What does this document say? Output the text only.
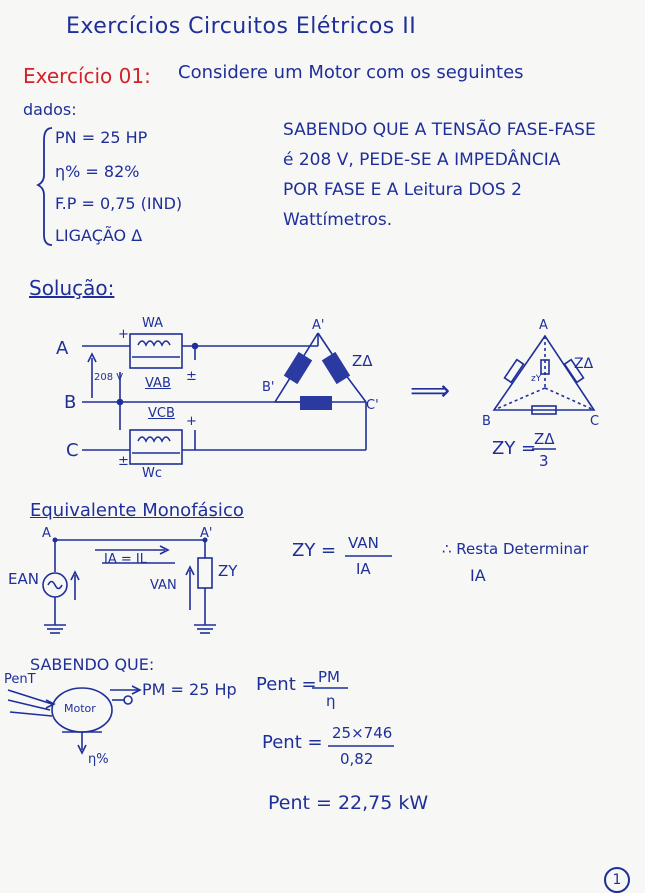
Exercícios Circuitos Elétricos II
Exercício 01: Considere um Motor com os seguintes
dados:
PN = 25 HP
η% = 82%
F.P = 0,75 (IND)
LIGAÇÃO Δ
SABENDO QUE A TENSÃO FASE-FASE
é 208 V, PEDE-SE A IMPEDÂNCIA
POR FASE E A Leitura DOS 2
Wattímetros.
Solução:
A
B
C
WA
Wc
VAB
VCB
208 V
A'
B'
C'
ZΔ
+
±
+
±
⟹
A
B	C
zY
ZΔ
ZY =
ZΔ
3
Equivalente Monofásico
A	A'
EAN	VAN
IA = IL
ZY
ZY = VAN
IA
∴ Resta Determinar
IA
SABENDO QUE:
PenT
PM = 25 Hp
Motor
η%
Pent = PM
η
Pent = 25×746
0,82
Pent = 22,75 kW
1
